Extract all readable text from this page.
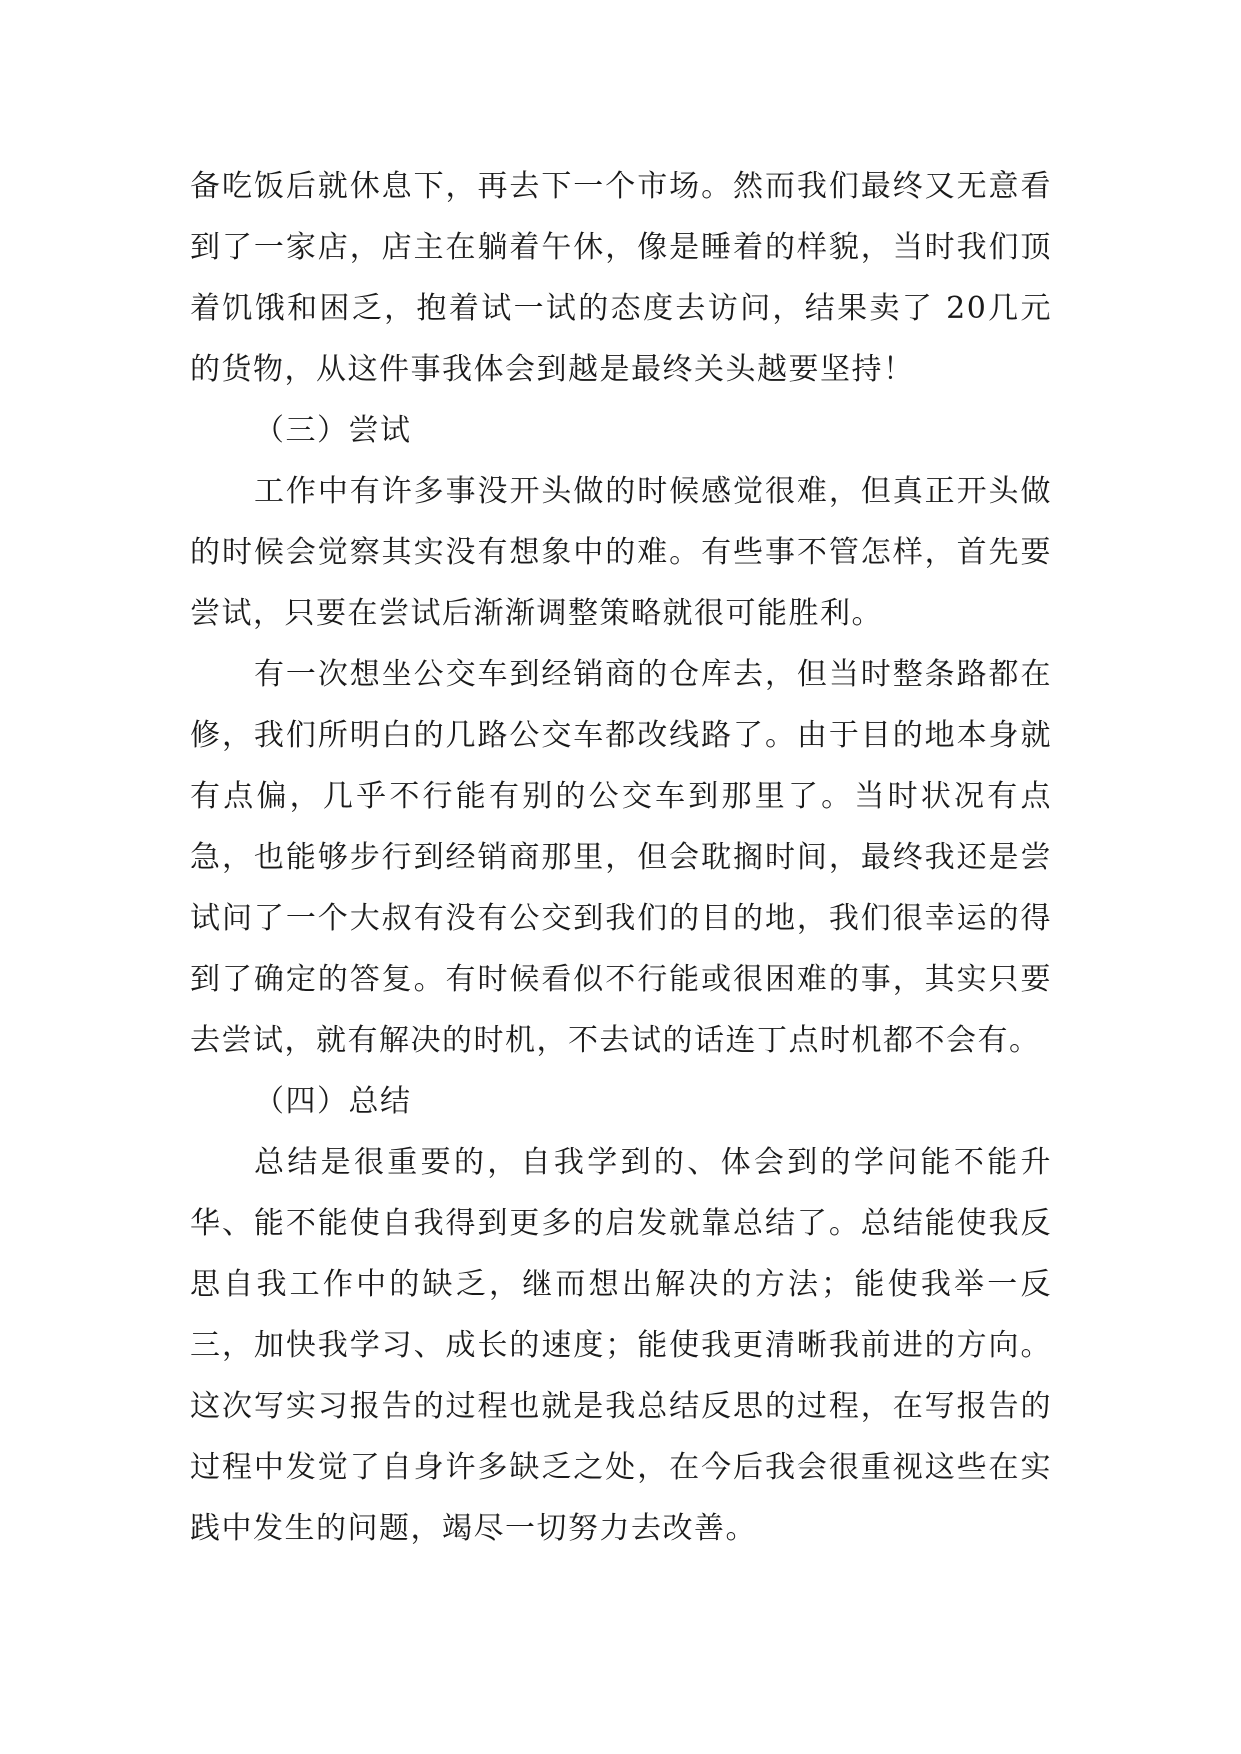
备吃饭后就休息下，再去下一个市场。然而我们最终又无意看到了一家店，店主在躺着午休，像是睡着的样貌，当时我们顶着饥饿和困乏，抱着试一试的态度去访问，结果卖了 20几元的货物，从这件事我体会到越是最终关头越要坚持！

（三）尝试

工作中有许多事没开头做的时候感觉很难，但真正开头做的时候会觉察其实没有想象中的难。有些事不管怎样，首先要尝试，只要在尝试后渐渐调整策略就很可能胜利。

有一次想坐公交车到经销商的仓库去，但当时整条路都在修，我们所明白的几路公交车都改线路了。由于目的地本身就有点偏，几乎不行能有别的公交车到那里了。当时状况有点急，也能够步行到经销商那里，但会耽搁时间，最终我还是尝试问了一个大叔有没有公交到我们的目的地，我们很幸运的得到了确定的答复。有时候看似不行能或很困难的事，其实只要去尝试，就有解决的时机，不去试的话连丁点时机都不会有。

（四）总结

总结是很重要的，自我学到的、体会到的学问能不能升华、能不能使自我得到更多的启发就靠总结了。总结能使我反思自我工作中的缺乏，继而想出解决的方法；能使我举一反三，加快我学习、成长的速度；能使我更清晰我前进的方向。这次写实习报告的过程也就是我总结反思的过程，在写报告的过程中发觉了自身许多缺乏之处，在今后我会很重视这些在实践中发生的问题，竭尽一切努力去改善。
